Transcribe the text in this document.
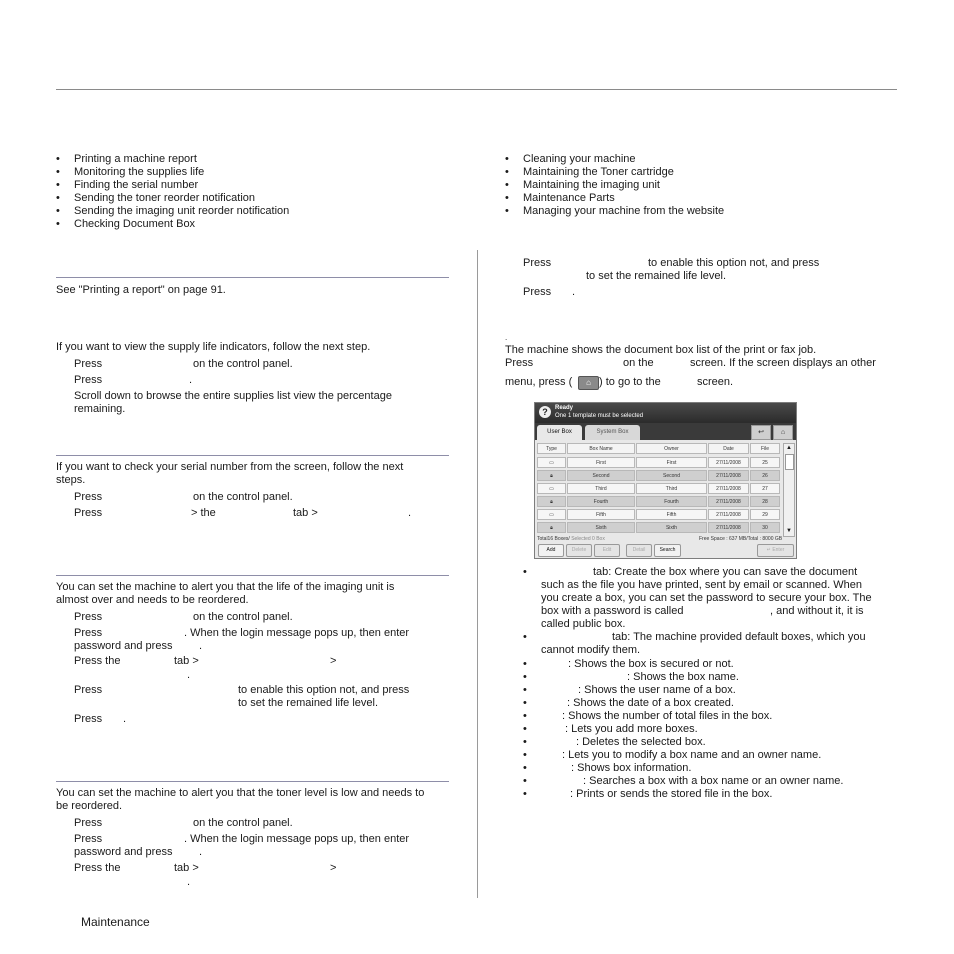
• Printing a machine report
• Monitoring the supplies life
• Finding the serial number
• Sending the toner reorder notification
• Sending the imaging unit reorder notification
• Checking Document Box
• Cleaning your machine
• Maintaining the Toner cartridge
• Maintaining the imaging unit
• Maintenance Parts
• Managing your machine from the website
See "Printing a report" on page 91.
If you want to view the supply life indicators, follow the next step.
Press	on the control panel.
Press	.
Scroll down to browse the entire supplies list view the percentage
remaining.
If you want to check your serial number from the screen, follow the next
steps.
Press	on the control panel.
Press	> the	tab >	.
You can set the machine to alert you that the life of the imaging unit is
almost over and needs to be reordered.
Press	on the control panel.
Press	. When the login message pops up, then enter
password and press .
Press the	tab >	>
.
Press	to enable this option not, and press
to set the remained life level.
Press .
You can set the machine to alert you that the toner level is low and needs to
be reordered.
Press	on the control panel.
Press	. When the login message pops up, then enter
password and press .
Press the	tab >	>
.
Press	to enable this option not, and press
to set the remained life level.
Press .
.
The machine shows the document box list of the print or fax job.
Press	on the	screen. If the screen displays an other
menu, press (	⌂ ) to go to the	screen.
?	Ready
One 1 template must be selected
User Box	System Box	↩	⌂
Type	Box Name	Owner	Date	File
▭	First	First	27/11/2008	25
🔒︎	Second	Second	27/11/2008	26
▭	Third	Third	27/11/2008	27
🔒︎	Fourth	Fourth	27/11/2008	28
▭	Fifth	Fifth	27/11/2008	29
🔒︎	Sixth	Sixth	27/11/2008	30
▲
▼
Total16 Boxes/ Selected 0 Box	Free Space : 637 MB/Total : 8000 GB
Add	Delete	Edit	Detail	Search	↵ Enter
•	tab: Create the box where you can save the document
such as the file you have printed, sent by email or scanned. When
you create a box, you can set the password to secure your box. The
box with a password is called	, and without it, it is
called public box.
•	tab: The machine provided default boxes, which you
cannot modify them.
•	: Shows the box is secured or not.
•	: Shows the box name.
•	: Shows the user name of a box.
•	: Shows the date of a box created.
•	: Shows the number of total files in the box.
•	: Lets you add more boxes.
•	: Deletes the selected box.
•	: Lets you to modify a box name and an owner name.
•	: Shows box information.
•	: Searches a box with a box name or an owner name.
•	: Prints or sends the stored file in the box.
Maintenance
